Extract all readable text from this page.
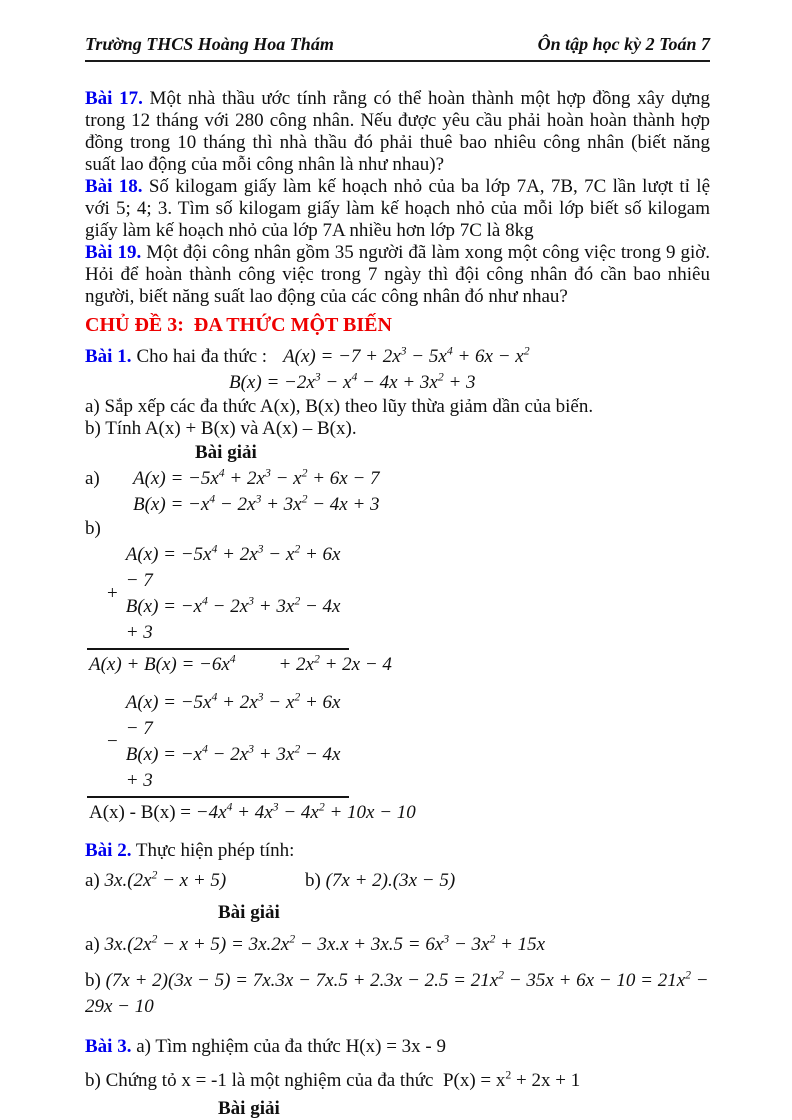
Trường THCS Hoàng Hoa Thám	Ôn tập học kỳ 2 Toán 7

Bài 17. Một nhà thầu ước tính rằng có thể hoàn thành một hợp đồng xây dựng trong 12 tháng với 280 công nhân. Nếu được yêu cầu phải hoàn hoàn thành hợp đồng trong 10 tháng thì nhà thầu đó phải thuê bao nhiêu công nhân (biết năng suất lao động của mỗi công nhân là như nhau)?

Bài 18. Số kilogam giấy làm kế hoạch nhỏ của ba lớp 7A, 7B, 7C lần lượt tỉ lệ với 5; 4; 3. Tìm số kilogam giấy làm kế hoạch nhỏ của mỗi lớp biết số kilogam giấy làm kế hoạch nhỏ của lớp 7A nhiều hơn lớp 7C là 8kg

Bài 19. Một đội công nhân gồm 35 người đã làm xong một công việc trong 9 giờ. Hỏi để hoàn thành công việc trong 7 ngày thì đội công nhân đó cần bao nhiêu người, biết năng suất lao động của các công nhân đó như nhau?

CHỦ ĐỀ 3:  ĐA THỨC MỘT BIẾN
Bài 1. Cho hai đa thức : $A(x) = -7 + 2x^3 - 5x^4 + 6x - x^2$
$B(x) = -2x^3 - x^4 - 4x + 3x^2 + 3$
a) Sắp xếp các đa thức A(x), B(x) theo lũy thừa giảm dần của biến.
b) Tính A(x) + B(x) và A(x) – B(x).
Bài giải
a)	$A(x) = -5x^4 + 2x^3 - x^2 + 6x - 7$
$B(x) = -x^4 - 2x^3 + 3x^2 - 4x + 3$
b)
+
$A(x) = -5x^4 + 2x^3 - x^2 + 6x - 7$
$B(x) = -x^4 - 2x^3 + 3x^2 - 4x + 3$
$A(x) + B(x) = -6x^4$         + $2x^2 + 2x - 4$
−
$A(x) = -5x^4 + 2x^3 - x^2 + 6x - 7$
$B(x) = -x^4 - 2x^3 + 3x^2 - 4x + 3$
$A(x) - B(x) = -4x^4 + 4x^3 - 4x^2 + 10x - 10$

Bài 2. Thực hiện phép tính:

a) $3x.(2x^2 - x + 5)$	b) (7x + 2).(3x − 5)
Bài giải
a) $3x.(2x^2 - x + 5) = 3x.2x^2 - 3x.x + 3x.5 = 6x^3 - 3x^2 + 15x$
b) $(7x + 2)(3x - 5) = 7x.3x - 7x.5 + 2.3x - 2.5 = 21x^2 - 35x + 6x - 10 = 21x^2 - 29x - 10$
Bài 3. a) Tìm nghiệm của đa thức H(x) = 3x - 9
b) Chứng tỏ x = -1 là một nghiệm của đa thức $P(x) = x^2 + 2x + 1$
Bài giải
